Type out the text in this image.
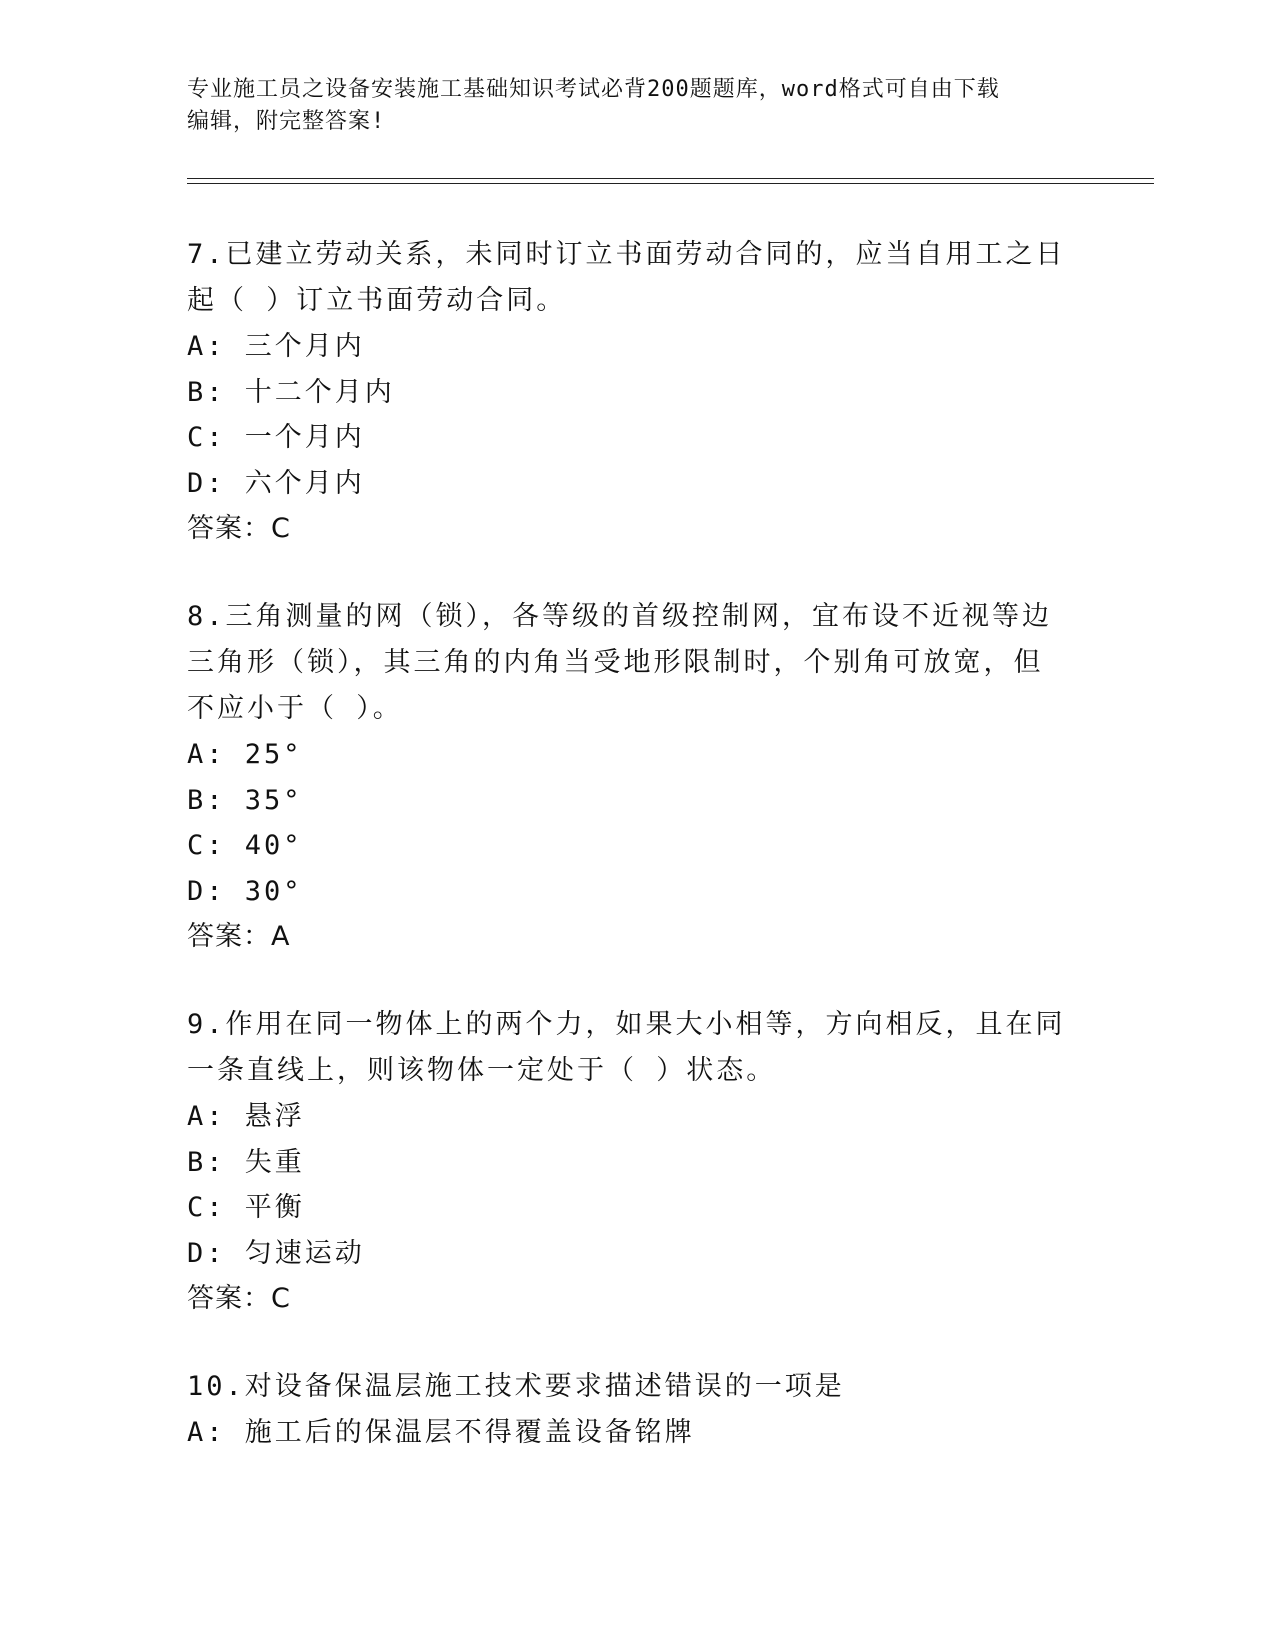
专业施工员之设备安装施工基础知识考试必背200题题库，word格式可自由下载
编辑，附完整答案!
7.已建立劳动关系，未同时订立书面劳动合同的，应当自用工之日起（ ）订立书面劳动合同。
A: 三个月内
B: 十二个月内
C: 一个月内
D: 六个月内
答案：C
8.三角测量的网（锁），各等级的首级控制网，宜布设不近视等边三角形（锁），其三角的内角当受地形限制时，个别角可放宽，但不应小于（ ）。
A: 25°
B: 35°
C: 40°
D: 30°
答案：A
9.作用在同一物体上的两个力，如果大小相等，方向相反，且在同一条直线上，则该物体一定处于（ ）状态。
A: 悬浮
B: 失重
C: 平衡
D: 匀速运动
答案：C
10.对设备保温层施工技术要求描述错误的一项是
A: 施工后的保温层不得覆盖设备铭牌
